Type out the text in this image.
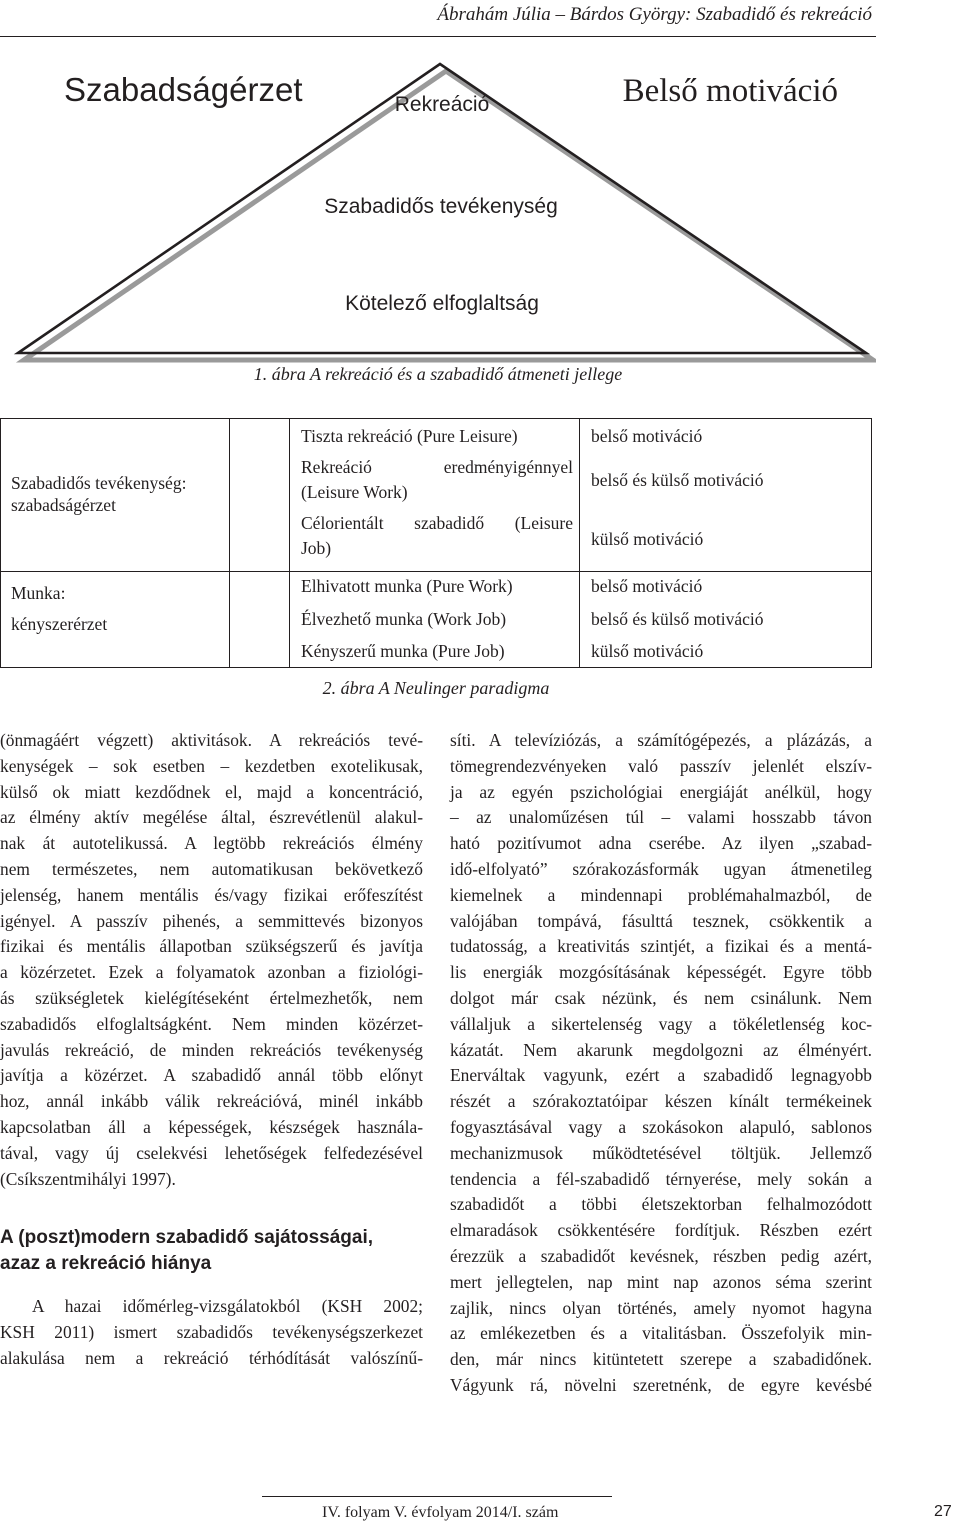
Ábrahám Júlia – Bárdos György: Szabadidő és rekreáció
Szabadságérzet	Belső motiváció
Rekreáció
Szabadidős tevékenység
Kötelező elfoglaltság
1. ábra A rekreáció és a szabadidő átmeneti jellege
Szabadidős tevékenység:
szabadságérzet
Munka:
kényszerérzet
Tiszta rekreáció (Pure Leisure)
Rekreáció eredményigénnyel
(Leisure Work)
Célorientált szabadidő (Leisure
Job)
Elhivatott munka (Pure Work)
Élvezhető munka (Work Job)
Kényszerű munka (Pure Job)
belső motiváció
belső és külső motiváció
külső motiváció
belső motiváció
belső és külső motiváció
külső motiváció
2. ábra A Neulinger paradigma
(önmagáért végzett) aktivitások. A rekreációs tevé-
kenységek – sok esetben – kezdetben exotelikusak,
külső ok miatt kezdődnek el, majd a koncentráció,
az élmény aktív megélése által, észrevétlenül alakul-
nak át autotelikussá. A legtöbb rekreációs élmény
nem természetes, nem automatikusan bekövetkező
jelenség, hanem mentális és/vagy fizikai erőfeszítést
igényel. A passzív pihenés, a semmittevés bizonyos
fizikai és mentális állapotban szükségszerű és javítja
a közérzetet. Ezek a folyamatok azonban a fiziológi-
ás szükségletek kielégítéseként értelmezhetők, nem
szabadidős elfoglaltságként. Nem minden közérzet-
javulás rekreáció, de minden rekreációs tevékenység
javítja a közérzet. A szabadidő annál több előnyt
hoz, annál inkább válik rekreációvá, minél inkább
kapcsolatban áll a képességek, készségek használa-
tával, vagy új cselekvési lehetőségek felfedezésével
(Csíkszentmihályi 1997).
A (poszt)modern szabadidő sajátosságai,
azaz a rekreáció hiánya
A hazai időmérleg-vizsgálatokból (KSH 2002;
KSH 2011) ismert szabadidős tevékenységszerkezet
alakulása nem a rekreáció térhódítását valószínű-
síti. A televíziózás, a számítógépezés, a plázázás, a
tömegrendezvényeken való passzív jelenlét elszív-
ja az egyén pszichológiai energiáját anélkül, hogy
– az unaloműzésen túl – valami hosszabb távon
ható pozitívumot adna cserébe. Az ilyen „szabad-
idő-elfolyató” szórakozásformák ugyan átmenetileg
kiemelnek a mindennapi problémahalmazból, de
valójában tompává, fásulttá tesznek, csökkentik a
tudatosság, a kreativitás szintjét, a fizikai és a mentá-
lis energiák mozgósításának képességét. Egyre több
dolgot már csak nézünk, és nem csinálunk. Nem
vállaljuk a sikertelenség vagy a tökéletlenség koc-
kázatát. Nem akarunk megdolgozni az élményért.
Enerváltak vagyunk, ezért a szabadidő legnagyobb
részét a szórakoztatóipar készen kínált termékeinek
fogyasztásával vagy a szokásokon alapuló, sablonos
mechanizmusok működtetésével töltjük. Jellemző
tendencia a fél-szabadidő térnyerése, mely sokán a
szabadidőt a többi életszektorban felhalmozódott
elmaradások csökkentésére fordítjuk. Részben ezért
érezzük a szabadidőt kevésnek, részben pedig azért,
mert jellegtelen, nap mint nap azonos séma szerint
zajlik, nincs olyan történés, amely nyomot hagyna
az emlékezetben és a vitalitásban. Összefolyik min-
den, már nincs kitüntetett szerepe a szabadidőnek.
Vágyunk rá, növelni szeretnénk, de egyre kevésbé
IV. folyam V. évfolyam 2014/I. szám	27
